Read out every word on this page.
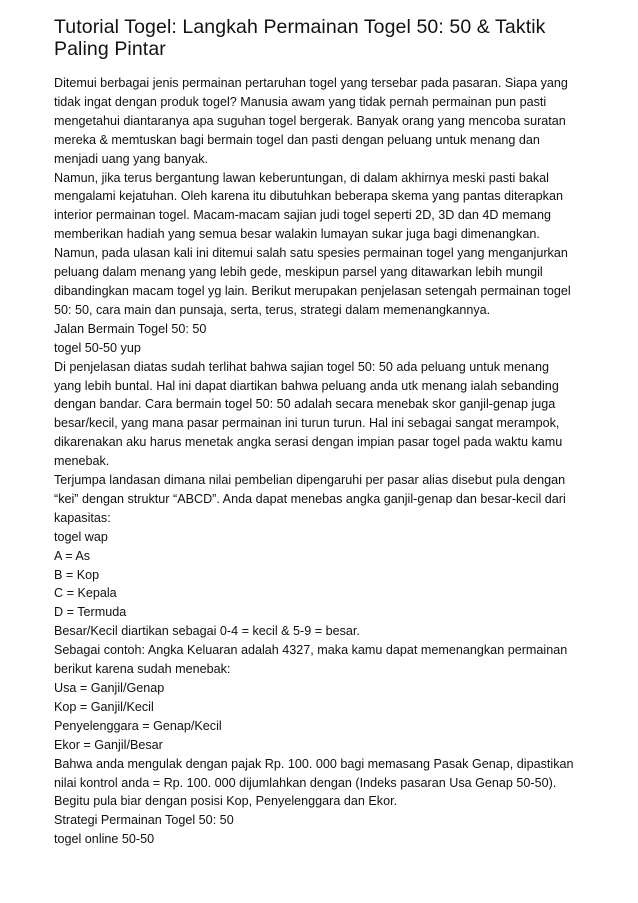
Tutorial Togel: Langkah Permainan Togel 50: 50 & Taktik Paling Pintar

Ditemui berbagai jenis permainan pertaruhan togel yang tersebar pada pasaran. Siapa yang

tidak ingat dengan produk togel? Manusia awam yang tidak pernah permainan pun pasti

mengetahui diantaranya apa suguhan togel bergerak. Banyak orang yang mencoba suratan

mereka & memtuskan bagi bermain togel dan pasti dengan peluang untuk menang dan

menjadi uang yang banyak.

Namun, jika terus bergantung lawan keberuntungan, di dalam akhirnya meski pasti bakal

mengalami kejatuhan. Oleh karena itu dibutuhkan beberapa skema yang pantas diterapkan

interior permainan togel. Macam-macam sajian judi togel seperti 2D, 3D dan 4D memang

memberikan hadiah yang semua besar walakin lumayan sukar juga bagi dimenangkan.

Namun, pada ulasan kali ini ditemui salah satu spesies permainan togel yang menganjurkan

peluang dalam menang yang lebih gede, meskipun parsel yang ditawarkan lebih mungil

dibandingkan macam togel yg lain. Berikut merupakan penjelasan setengah permainan togel

50: 50, cara main dan punsaja, serta, terus, strategi dalam memenangkannya.

Jalan Bermain Togel 50: 50

togel 50-50 yup

Di penjelasan diatas sudah terlihat bahwa sajian togel 50: 50 ada peluang untuk menang

yang lebih buntal. Hal ini dapat diartikan bahwa peluang anda utk menang ialah sebanding

dengan bandar. Cara bermain togel 50: 50 adalah secara menebak skor ganjil-genap juga

besar/kecil, yang mana pasar permainan ini turun turun. Hal ini sebagai sangat merampok,

dikarenakan aku harus menetak angka serasi dengan impian pasar togel pada waktu kamu

menebak.

Terjumpa landasan dimana nilai pembelian dipengaruhi per pasar alias disebut pula dengan

“kei” dengan struktur “ABCD”. Anda dapat menebas angka ganjil-genap dan besar-kecil dari

kapasitas:

togel wap

A = As

B = Kop

C = Kepala

D = Termuda

Besar/Kecil diartikan sebagai 0-4 = kecil & 5-9 = besar.

Sebagai contoh: Angka Keluaran adalah 4327, maka kamu dapat memenangkan permainan

berikut karena sudah menebak:

Usa = Ganjil/Genap

Kop = Ganjil/Kecil

Penyelenggara = Genap/Kecil

Ekor = Ganjil/Besar

Bahwa anda mengulak dengan pajak Rp. 100. 000 bagi memasang Pasak Genap, dipastikan

nilai kontrol anda = Rp. 100. 000 dijumlahkan dengan (Indeks pasaran Usa Genap 50-50).

Begitu pula biar dengan posisi Kop, Penyelenggara dan Ekor.

Strategi Permainan Togel 50: 50

togel online 50-50
